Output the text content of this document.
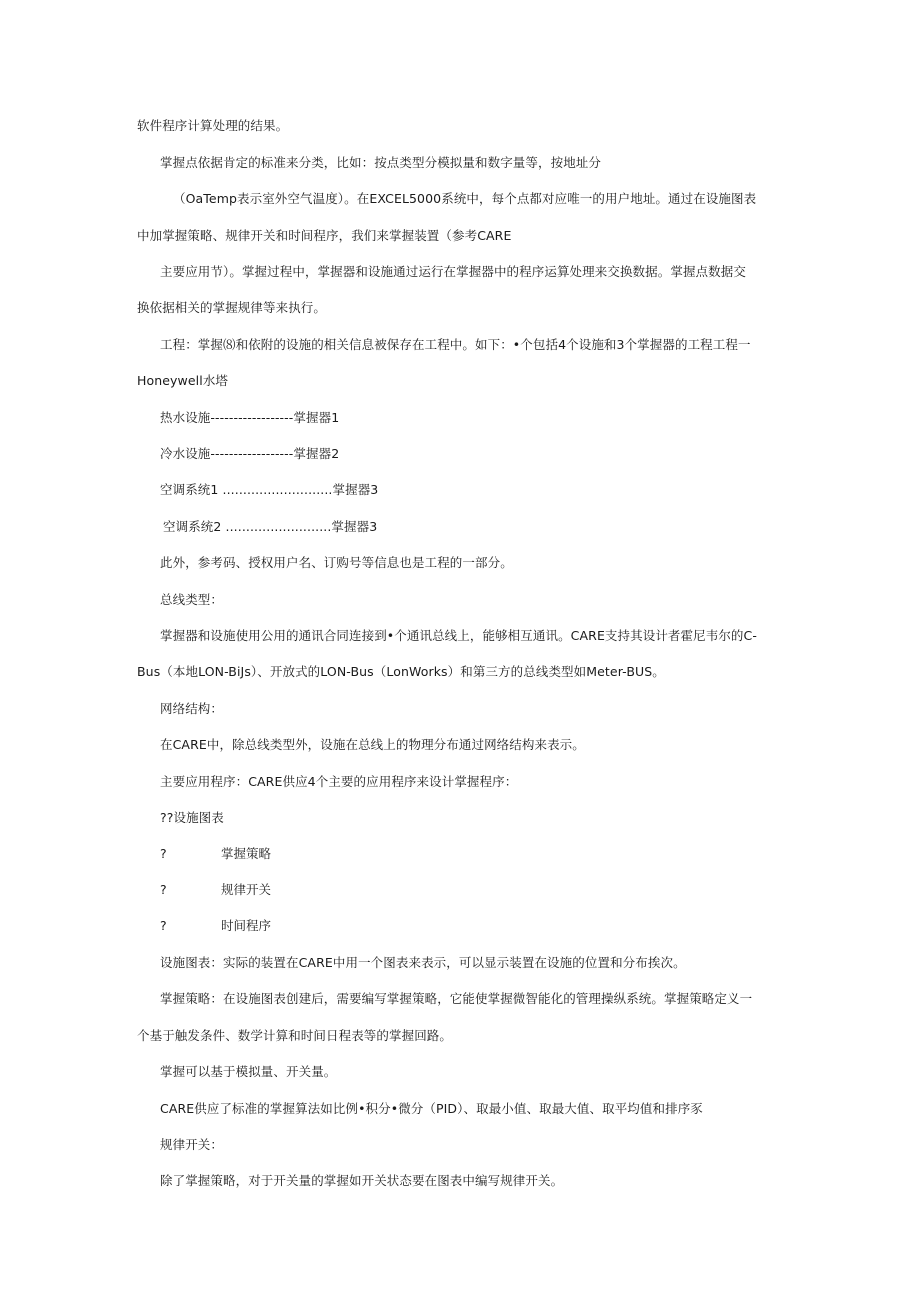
软件程序计算处理的结果。
掌握点依据肯定的标准来分类，比如：按点类型分模拟量和数字量等，按地址分
（OaTemp表示室外空气温度）。在EXCEL5000系统中，每个点都对应唯一的用户地址。通过在设施图表
中加掌握策略、规律开关和时间程序，我们来掌握装置（参考CARE
主要应用节）。掌握过程中，掌握器和设施通过运行在掌握器中的程序运算处理来交换数据。掌握点数据交
换依据相关的掌握规律等来执行。
工程：掌握⑻和依附的设施的相关信息被保存在工程中。如下：•个包括4个设施和3个掌握器的工程工程一
Honeywell水塔
热水设施------------------掌握器1
冷水设施------------------掌握器2
空调系统1 ...........................掌握器3
空调系统2 ..........................掌握器3
此外，参考码、授权用户名、订购号等信息也是工程的一部分。
总线类型：
掌握器和设施使用公用的通讯合同连接到•个通讯总线上，能够相互通讯。CARE支持其设计者霍尼韦尔的C-
Bus（本地LON-BiJs）、开放式的LON-Bus（LonWorks）和第三方的总线类型如Meter-BUS。
网络结构：
在CARE中，除总线类型外，设施在总线上的物理分布通过网络结构来表示。
主要应用程序：CARE供应4个主要的应用程序来设计掌握程序：
??设施图表
?	掌握策略
?	规律开关
?	时间程序
设施图表：实际的装置在CARE中用一个图表来表示，可以显示装置在设施的位置和分布挨次。
掌握策略：在设施图表创建后，需要编写掌握策略，它能使掌握微智能化的管理操纵系统。掌握策略定义一
个基于触发条件、数学计算和时间日程表等的掌握回路。
掌握可以基于模拟量、开关量。
CARE供应了标准的掌握算法如比例•积分•微分（PID）、取最小值、取最大值、取平均值和排序豕
规律开关：
除了掌握策略，对于开关量的掌握如开关状态要在图表中编写规律开关。
